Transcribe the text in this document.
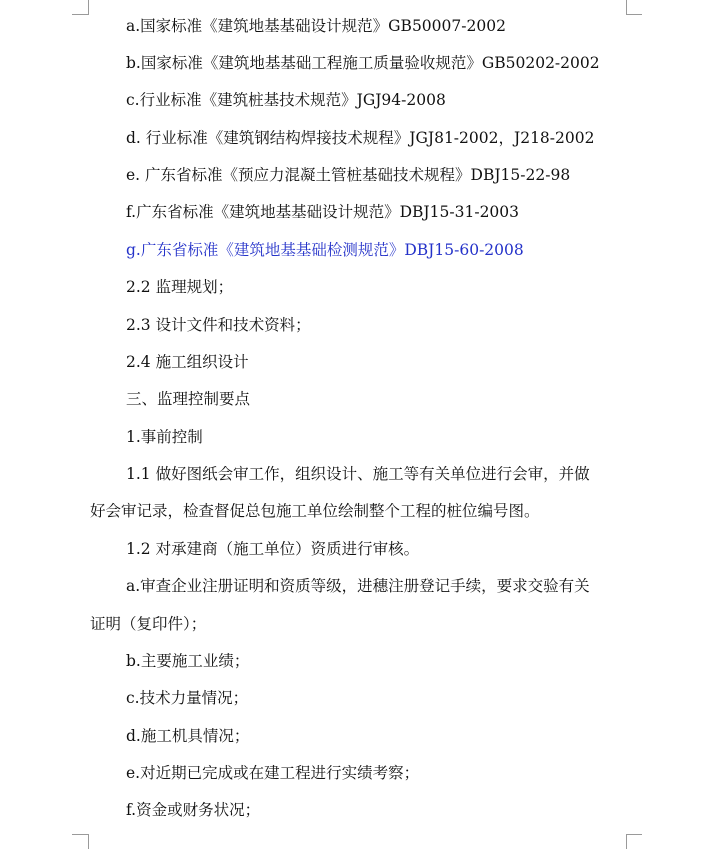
a.国家标准《建筑地基基础设计规范》GB50007-2002
b.国家标准《建筑地基基础工程施工质量验收规范》GB50202-2002
c.行业标准《建筑桩基技术规范》JGJ94-2008
d. 行业标准《建筑钢结构焊接技术规程》JGJ81-2002，J218-2002
e. 广东省标准《预应力混凝土管桩基础技术规程》DBJ15-22-98
f.广东省标准《建筑地基基础设计规范》DBJ15-31-2003
g.广东省标准《建筑地基基础检测规范》DBJ15-60-2008
2.2 监理规划；
2.3 设计文件和技术资料；
2.4 施工组织设计
三、监理控制要点
1.事前控制
1.1 做好图纸会审工作，组织设计、施工等有关单位进行会审，并做
好会审记录，检查督促总包施工单位绘制整个工程的桩位编号图。
1.2 对承建商（施工单位）资质进行审核。
a.审查企业注册证明和资质等级，进穗注册登记手续，要求交验有关
证明（复印件）；
b.主要施工业绩；
c.技术力量情况；
d.施工机具情况；
e.对近期已完成或在建工程进行实绩考察；
f.资金或财务状况；
